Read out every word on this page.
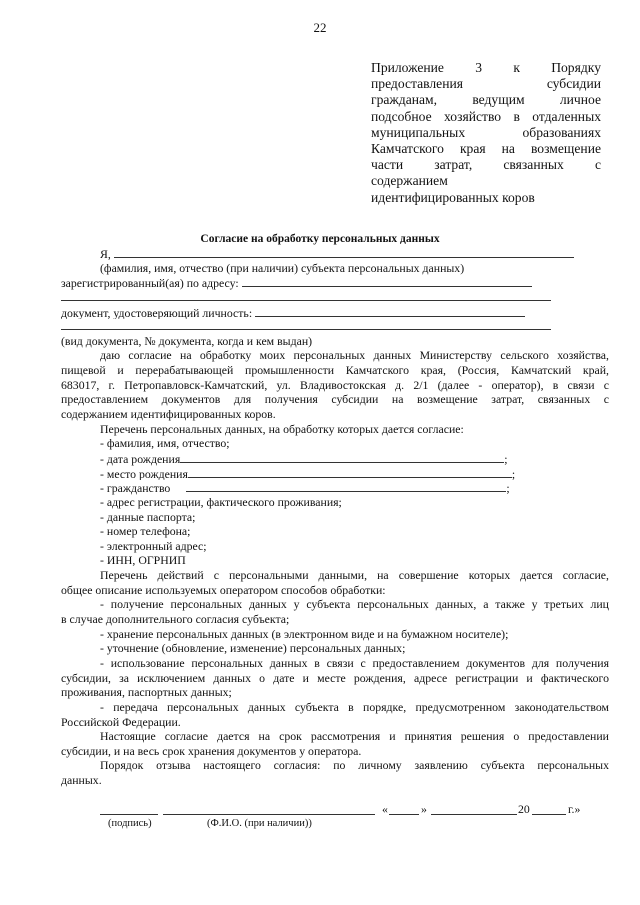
22
Приложение 3 к Порядку
предоставления субсидии
гражданам, ведущим личное
подсобное хозяйство в отдаленных
муниципальных образованиях
Камчатского края на возмещение
части затрат, связанных с
содержанием
идентифицированных коров
Согласие на обработку персональных данных
Я,
(фамилия, имя, отчество (при наличии) субъекта персональных данных)
зарегистрированный(ая) по адресу:
документ, удостоверяющий личность:
(вид документа, № документа, когда и кем выдан)
даю согласие на обработку моих персональных данных Министерству сельского хозяйства,
пищевой и перерабатывающей промышленности Камчатского края, (Россия, Камчатский край,
683017, г. Петропавловск-Камчатский, ул. Владивостокская д. 2/1 (далее - оператор), в связи с
предоставлением документов для получения субсидии на возмещение затрат, связанных с
содержанием идентифицированных коров.
Перечень персональных данных, на обработку которых дается согласие:
- фамилия, имя, отчество;
- дата рождения	;
- место рождения	;
- гражданство	;
- адрес регистрации, фактического проживания;
- данные паспорта;
- номер телефона;
- электронный адрес;
- ИНН, ОГРНИП
Перечень действий с персональными данными, на совершение которых дается согласие,
общее описание используемых оператором способов обработки:
- получение персональных данных у субъекта персональных данных, а также у третьих лиц
в случае дополнительного согласия субъекта;
- хранение персональных данных (в электронном виде и на бумажном носителе);
- уточнение (обновление, изменение) персональных данных;
- использование персональных данных в связи с предоставлением документов для получения
субсидии, за исключением данных о дате и месте рождения, адресе регистрации и фактического
проживания, паспортных данных;
- передача персональных данных субъекта в порядке, предусмотренном законодательством
Российской Федерации.
Настоящие согласие дается на срок рассмотрения и принятия решения о предоставлении
субсидии, и на весь срок хранения документов у оператора.
Порядок отзыва настоящего согласия: по личному заявлению субъекта персональных
данных.
«	»	20	г.»
(подпись)	(Ф.И.О. (при наличии))
